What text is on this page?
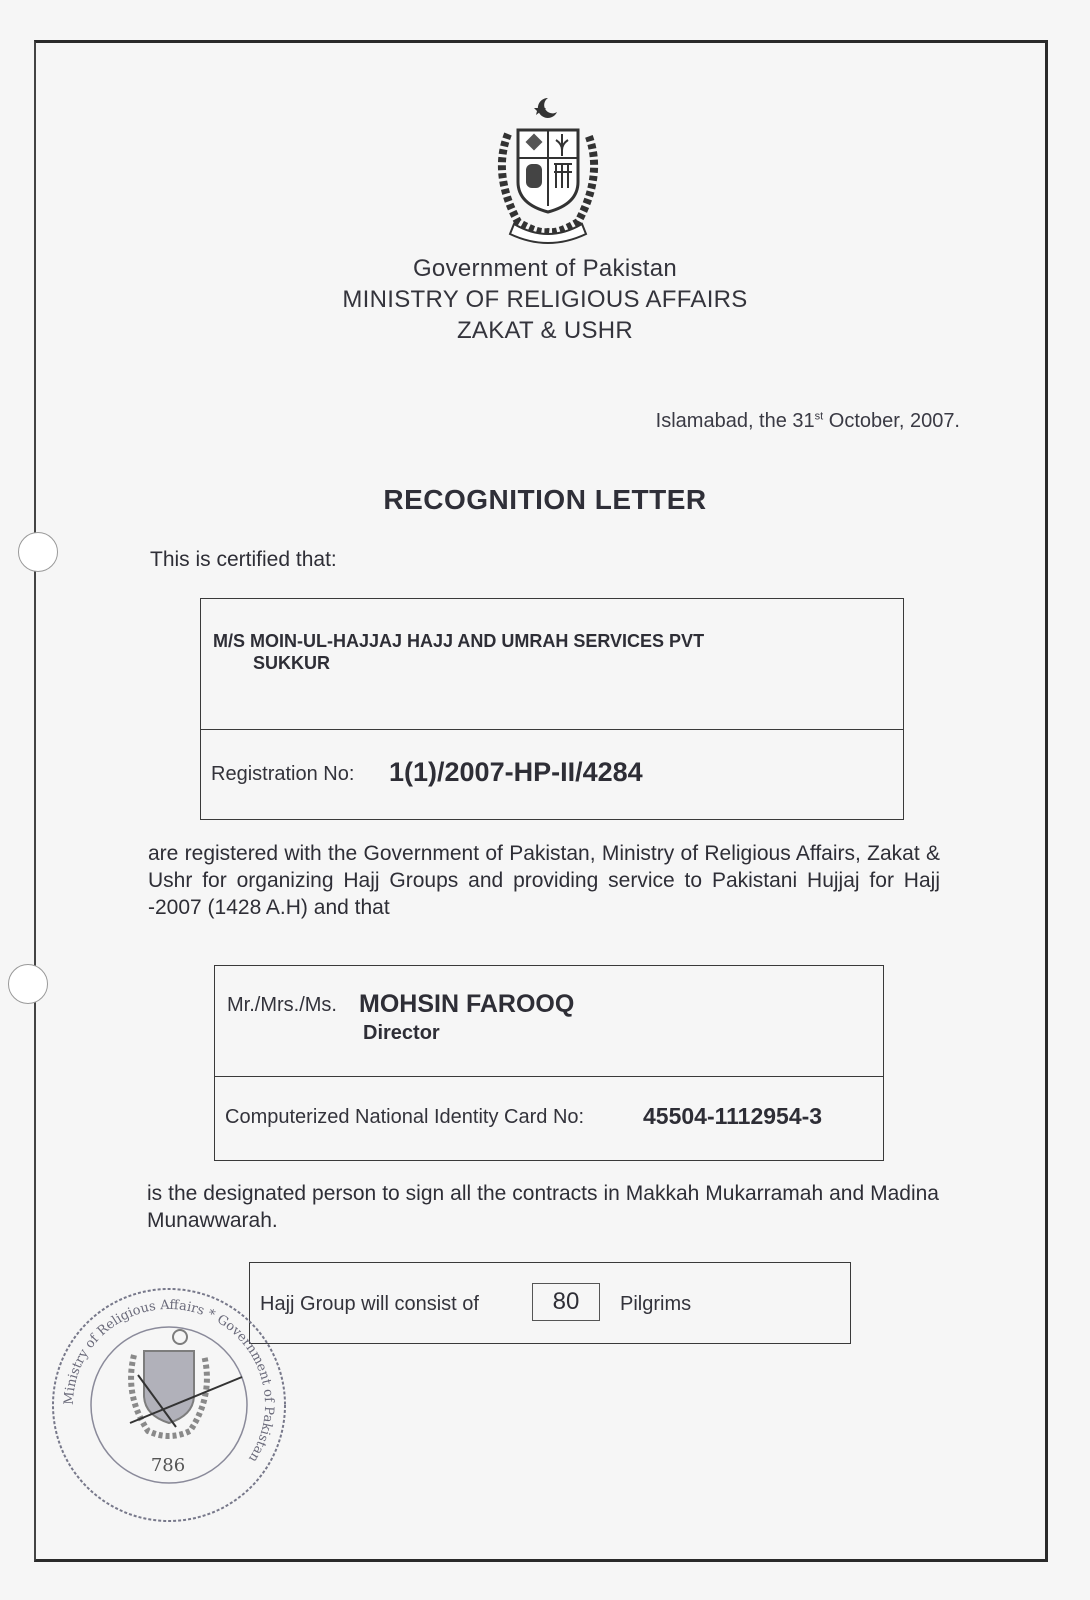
Government of Pakistan
MINISTRY OF RELIGIOUS AFFAIRS
ZAKAT & USHR
Islamabad, the 31st October, 2007.
RECOGNITION LETTER
This is certified that:
M/S MOIN-UL-HAJJAJ HAJJ AND UMRAH SERVICES PVT
SUKKUR
Registration No: 1(1)/2007-HP-II/4284
are registered with the Government of Pakistan, Ministry of Religious Affairs, Zakat & Ushr for organizing Hajj Groups and providing service to Pakistani Hujjaj for Hajj -2007 (1428 A.H) and that
Mr./Mrs./Ms. MOHSIN FAROOQ
Director
Computerized National Identity Card No:	45504-1112954-3
is the designated person to sign all the contracts in Makkah Mukarramah and Madina Munawwarah.
Hajj Group will consist of	80	Pilgrims
Ministry of Religious Affairs * Government of Pakistan
786
